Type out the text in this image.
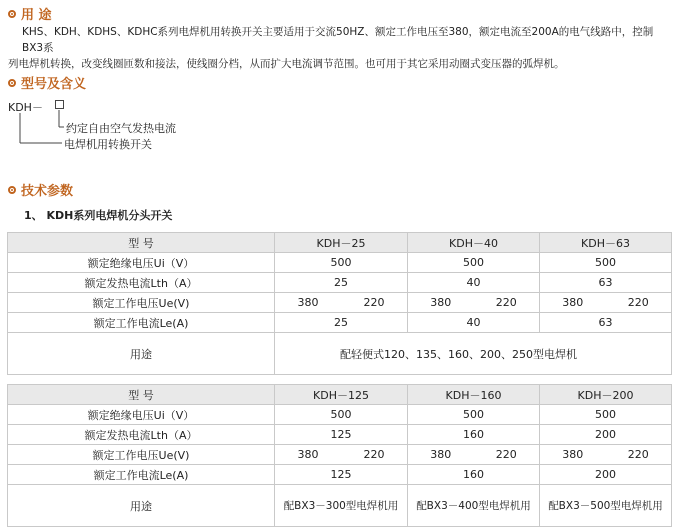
用 途
KHS、KDH、KDHS、KDHC系列电焊机用转换开关主要适用于交流50HZ、额定工作电压至380，额定电流至200A的电气线路中，控制BX3系
列电焊机转换，改变线圈匝数和接法，使线圈分档，从而扩大电流调节范围。也可用于其它采用动圈式变压器的弧焊机。
型号及含义
KDH－
约定自由空气发热电流
电焊机用转换开关
技术参数
1、 KDH系列电焊机分头开关
型 号	KDH－25	KDH－40	KDH－63
额定绝缘电压Ui（V）	500	500	500
额定发热电流Lth（A）	25	40	63
额定工作电压Ue(V)	380 220	380 220	380 220

额定工作电流Le(A)	25	40	63
用途	配轻便式120、135、160、200、250型电焊机		
型 号	KDH－125	KDH－160	KDH－200
额定绝缘电压Ui（V）	500	500	500
额定发热电流Lth（A）	125	160	200
额定工作电压Ue(V)	380 220	380 220	380 220

额定工作电流Le(A)	125	160	200
用途	配BX3－300型电焊机用	配BX3－400型电焊机用	配BX3－500型电焊机用
